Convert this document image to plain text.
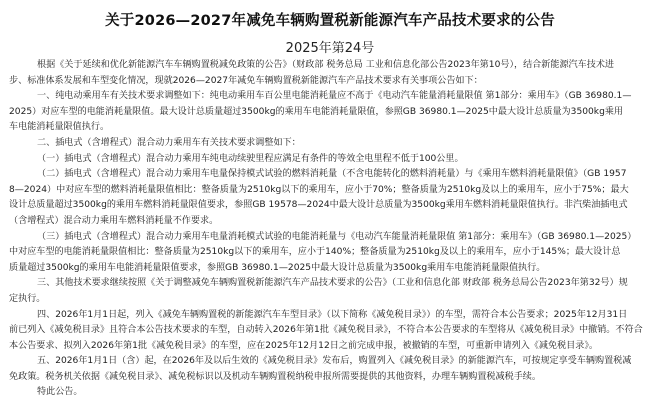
关于2026—2027年减免车辆购置税新能源汽车产品技术要求的公告
2025年第24号
根据《关于延续和优化新能源汽车车辆购置税减免政策的公告》（财政部 税务总局 工业和信息化部公告2023年第10号），结合新能源汽车技术进
步、标准体系发展和车型变化情况，现就2026—2027年减免车辆购置税新能源汽车产品技术要求有关事项公告如下：
一、纯电动乘用车有关技术要求调整如下：纯电动乘用车百公里电能消耗量应不高于《电动汽车能量消耗量限值 第1部分：乘用车》（GB 36980.1—
2025）对应车型的电能消耗量限值。最大设计总质量超过3500kg的乘用车电能消耗量限值，参照GB 36980.1—2025中最大设计总质量为3500kg乘用
车电能消耗量限值执行。
二、插电式（含增程式）混合动力乘用车有关技术要求调整如下：
（一）插电式（含增程式）混合动力乘用车纯电动续驶里程应满足有条件的等效全电里程不低于100公里。
（二）插电式（含增程式）混合动力乘用车电量保持模式试验的燃料消耗量（不含电能转化的燃料消耗量）与《乘用车燃料消耗量限值》（GB 1957
8—2024）中对应车型的燃料消耗量限值相比：整备质量为2510kg以下的乘用车，应小于70%；整备质量为2510kg及以上的乘用车，应小于75%；最大
设计总质量超过3500kg的乘用车燃料消耗量限值要求，参照GB 19578—2024中最大设计总质量为3500kg乘用车燃料消耗量限值执行。非汽柴油插电式
（含增程式）混合动力乘用车燃料消耗量不作要求。
（三）插电式（含增程式）混合动力乘用车电量消耗模式试验的电能消耗量与《电动汽车能量消耗量限值 第1部分：乘用车》（GB 36980.1—2025）
中对应车型的电能消耗量限值相比：整备质量为2510kg以下的乘用车，应小于140%；整备质量为2510kg及以上的乘用车，应小于145%；最大设计总
质量超过3500kg的乘用车电能消耗量限值要求，参照GB 36980.1—2025中最大设计总质量为3500kg乘用车电能消耗量限值执行。
三、其他技术要求继续按照《关于调整减免车辆购置税新能源汽车产品技术要求的公告》（工业和信息化部 财政部 税务总局公告2023年第32号）规
定执行。
四、2026年1月1日起，列入《减免车辆购置税的新能源汽车车型目录》（以下简称《减免税目录》）的车型，需符合本公告要求；2025年12月31日
前已列入《减免税目录》且符合本公告技术要求的车型，自动转入2026年第1批《减免税目录》，不符合本公告要求的车型将从《减免税目录》中撤销。不符合
本公告要求、拟列入2026年第1批《减免税目录》的车型，应在2025年12月12日之前完成申报，被撤销的车型，可重新申请列入《减免税目录》。
五、2026年1月1日（含）起，在2026年及以后生效的《减免税目录》发布后，购置列入《减免税目录》的新能源汽车，可按规定享受车辆购置税减
免政策。税务机关依据《减免税目录》、减免税标识以及机动车辆购置税纳税申报所需要提供的其他资料，办理车辆购置税减税手续。
特此公告。
